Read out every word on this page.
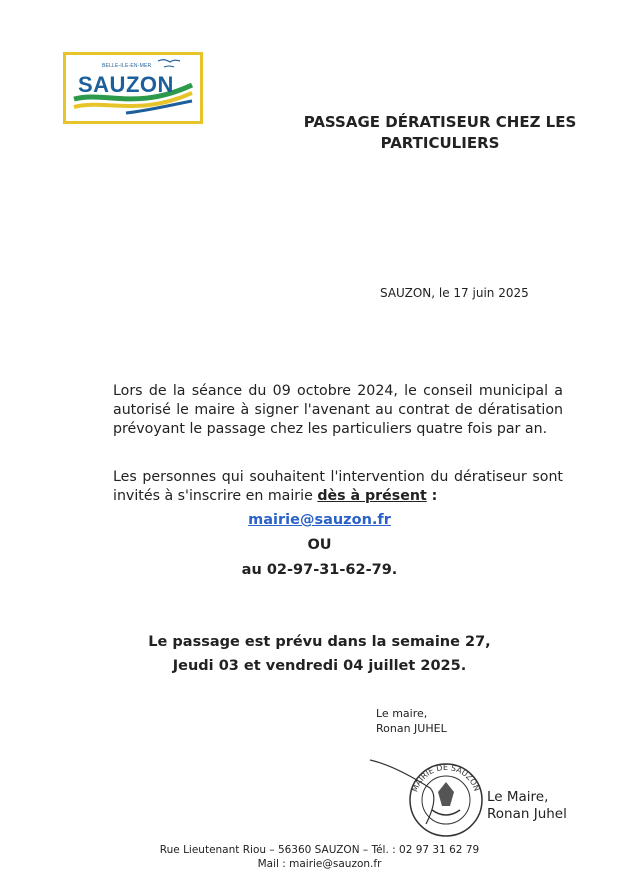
BELLE-ILE-EN-MER
SAUZON
PASSAGE DÉRATISEUR CHEZ LES
PARTICULIERS
SAUZON, le 17 juin 2025

Lors de la séance du 09 octobre 2024, le conseil municipal a autorisé le maire à signer l'avenant au contrat de dératisation prévoyant le passage chez les particuliers quatre fois par an.

Les personnes qui souhaitent l'intervention du dératiseur sont invités à s'inscrire en mairie dès à présent :

mairie@sauzon.fr
OU
au 02-97-31-62-79.
Le passage est prévu dans la semaine 27,
Jeudi 03 et vendredi 04 juillet 2025.
Le maire,
Ronan JUHEL
MAIRIE DE SAUZON
Le Maire,
Ronan Juhel
Rue Lieutenant Riou – 56360 SAUZON – Tél. : 02 97 31 62 79
Mail : mairie@sauzon.fr
